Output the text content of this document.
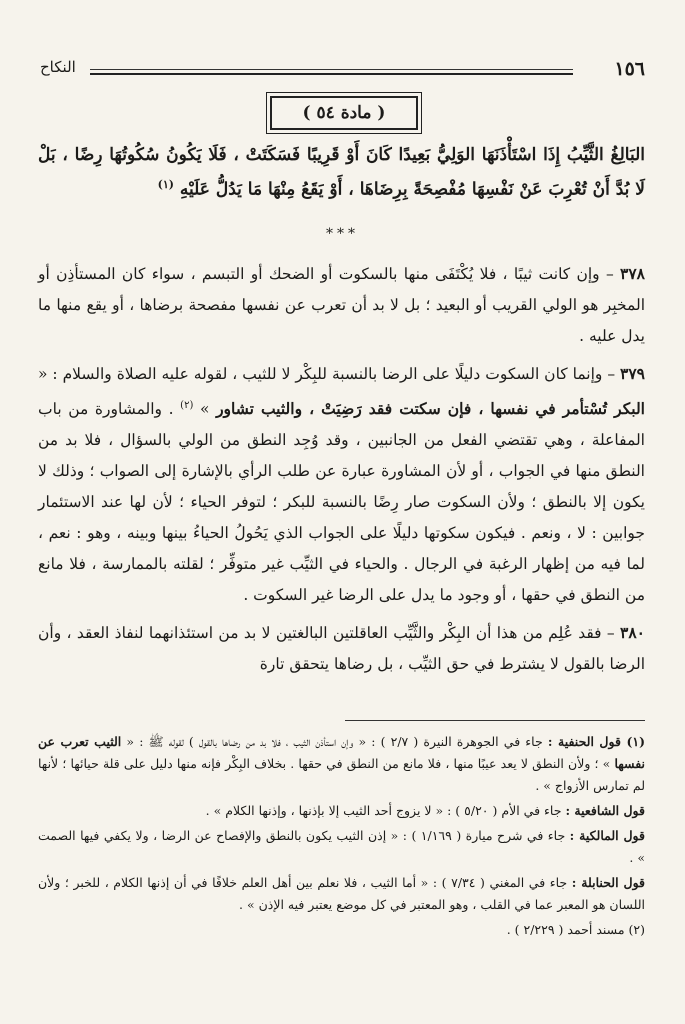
١٥٦
النكاح
( مادة ٥٤ )
البَالِغُ الثَّيِّبُ إِذَا اسْتَأْذَنَهَا الوَلِيُّ بَعِيدًا كَانَ أَوْ قَرِيبًا فَسَكَتَتْ ، فَلَا يَكُونُ سُكُوتُهَا رِضًا ، بَلْ لَا بُدَّ أَنْ تُعْرِبَ عَنْ نَفْسِهَا مُفْصِحَةً بِرِضَاهَا ، أَوْ يَقَعُ مِنْهَا مَا يَدُلُّ عَلَيْهِ $^{(١)}$
***

٣٧٨ – وإن كانت ثيبًا ، فلا يُكْتَفَى منها بالسكوت أو الضحك أو التبسم ، سواء كان المستأذِن أو المخبِر هو الولي القريب أو البعيد ؛ بل لا بد أن تعرب عن نفسها مفصحة برضاها ، أو يقع منها ما يدل عليه .

٣٧٩ – وإنما كان السكوت دليلًا على الرضا بالنسبة للبِكْر لا للثيب ، لقوله عليه الصلاة والسلام : « البكر تُسْتأمر في نفسها ، فإن سكتت فقد رَضِيَتْ ، والثيب تشاور » $^{(٢)}$ . والمشاورة من باب المفاعلة ، وهي تقتضي الفعل من الجانبين ، وقد وُجِد النطق من الولي بالسؤال ، فلا بد من النطق منها في الجواب ، أو لأن المشاورة عبارة عن طلب الرأي بالإشارة إلى الصواب ؛ وذلك لا يكون إلا بالنطق ؛ ولأن السكوت صار رِضًا بالنسبة للبكر ؛ لتوفر الحياء ؛ لأن لها عند الاستئمار جوابين : لا ، ونعم . فيكون سكوتها دليلًا على الجواب الذي يَحُولُ الحياءُ بينها وبينه ، وهو : نعم ، لما فيه من إظهار الرغبة في الرجال . والحياء في الثيِّب غير متوفِّر ؛ لقلته بالممارسة ، فلا مانع من النطق في حقها ، أو وجود ما يدل على الرضا غير السكوت .

٣٨٠ – فقد عُلِم من هذا أن البِكْر والثَّيِّب العاقلتين البالغتين لا بد من استئذانهما لنفاذ العقد ، وأن الرضا بالقول لا يشترط في حق الثيِّب ، بل رضاها يتحقق تارة

(١) قول الحنفية : جاء في الجوهرة النيرة ( ٢/٧ ) : « وإن استأذن الثيب ، فلا بد من رضاها بالقول ) لقوله ﷺ : « الثيب تعرب عن نفسها » ؛ ولأن النطق لا يعد عيبًا منها ، فلا مانع من النطق في حقها . بخلاف البِكْر فإنه منها دليل على قلة حيائها ؛ لأنها لم تمارس الأزواج » .

قول الشافعية : جاء في الأم ( ٥/٢٠ ) : « لا يزوج أحد الثيب إلا بإذنها ، وإذنها الكلام » .

قول المالكية : جاء في شرح ميارة ( ١/١٦٩ ) : « إذن الثيب يكون بالنطق والإفصاح عن الرضا ، ولا يكفي فيها الصمت » .

قول الحنابلة : جاء في المغني ( ٧/٣٤ ) : « أما الثيب ، فلا نعلم بين أهل العلم خلافًا في أن إذنها الكلام ، للخبر ؛ ولأن اللسان هو المعبر عما في القلب ، وهو المعتبر في كل موضع يعتبر فيه الإذن » .

(٢) مسند أحمد ( ٢/٢٢٩ ) .
